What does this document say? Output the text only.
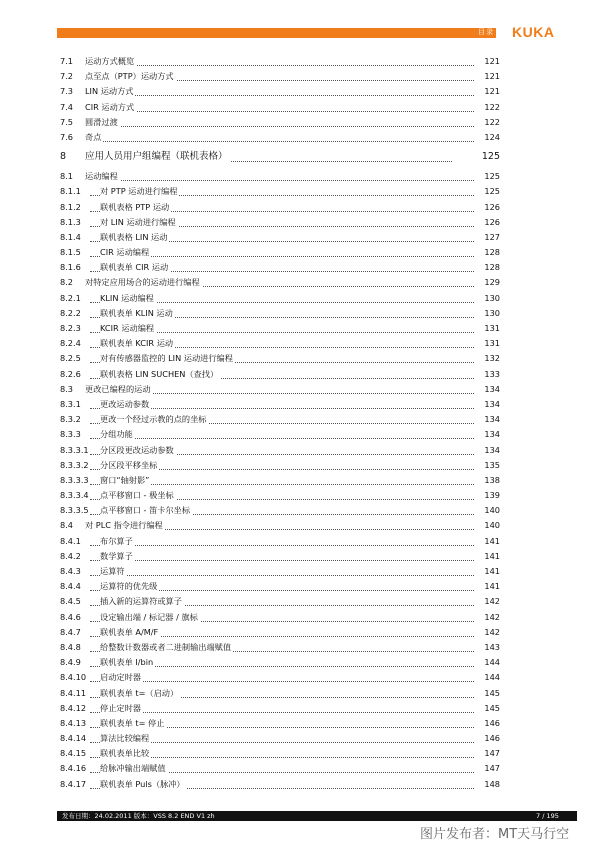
目录 KUKA
7.1 运动方式概览	121
7.2 点至点（PTP）运动方式	121
7.3 LIN 运动方式	121
7.4 CIR 运动方式	122
7.5 圆滑过渡	122
7.6 奇点	124
8 应用人员用户组编程（联机表格）	125
8.1 运动编程	125
8.1.1 对 PTP 运动进行编程	125
8.1.2 联机表格 PTP 运动	126
8.1.3 对 LIN 运动进行编程	126
8.1.4 联机表格 LIN 运动	127
8.1.5 CIR 运动编程	128
8.1.6 联机表单 CIR 运动	128
8.2 对特定应用场合的运动进行编程	129
8.2.1 KLIN 运动编程	130
8.2.2 联机表单 KLIN 运动	130
8.2.3 KCIR 运动编程	131
8.2.4 联机表单 KCIR 运动	131
8.2.5 对有传感器监控的 LIN 运动进行编程	132
8.2.6 联机表格 LIN SUCHEN（查找）	133
8.3 更改已编程的运动	134
8.3.1 更改运动参数	134
8.3.2 更改一个经过示教的点的坐标	134
8.3.3 分组功能	134
8.3.3.1 分区段更改运动参数	134
8.3.3.2 分区段平移坐标	135
8.3.3.3 窗口“轴射影”	138
8.3.3.4 点平移窗口 - 极坐标	139
8.3.3.5 点平移窗口 - 笛卡尔坐标	140
8.4 对 PLC 指令进行编程	140
8.4.1 布尔算子	141
8.4.2 数学算子	141
8.4.3 运算符	141
8.4.4 运算符的优先级	141
8.4.5 插入新的运算符或算子	142
8.4.6 设定输出端 / 标记器 / 旗标	142
8.4.7 联机表单 A/M/F	142
8.4.8 给整数计数器或者二进制输出端赋值	143
8.4.9 联机表单 I/bin	144
8.4.10 启动定时器	144
8.4.11 联机表单 t=（启动）	145
8.4.12 停止定时器	145
8.4.13 联机表单 t= 停止	146
8.4.14 算法比较编程	146
8.4.15 联机表单比较	147
8.4.16 给脉冲输出端赋值	147
8.4.17 联机表单 Puls（脉冲）	148
发布日期：24.02.2011 版本：VSS 8.2 END V1 zh	7 / 195
图片发布者：MT天马行空
